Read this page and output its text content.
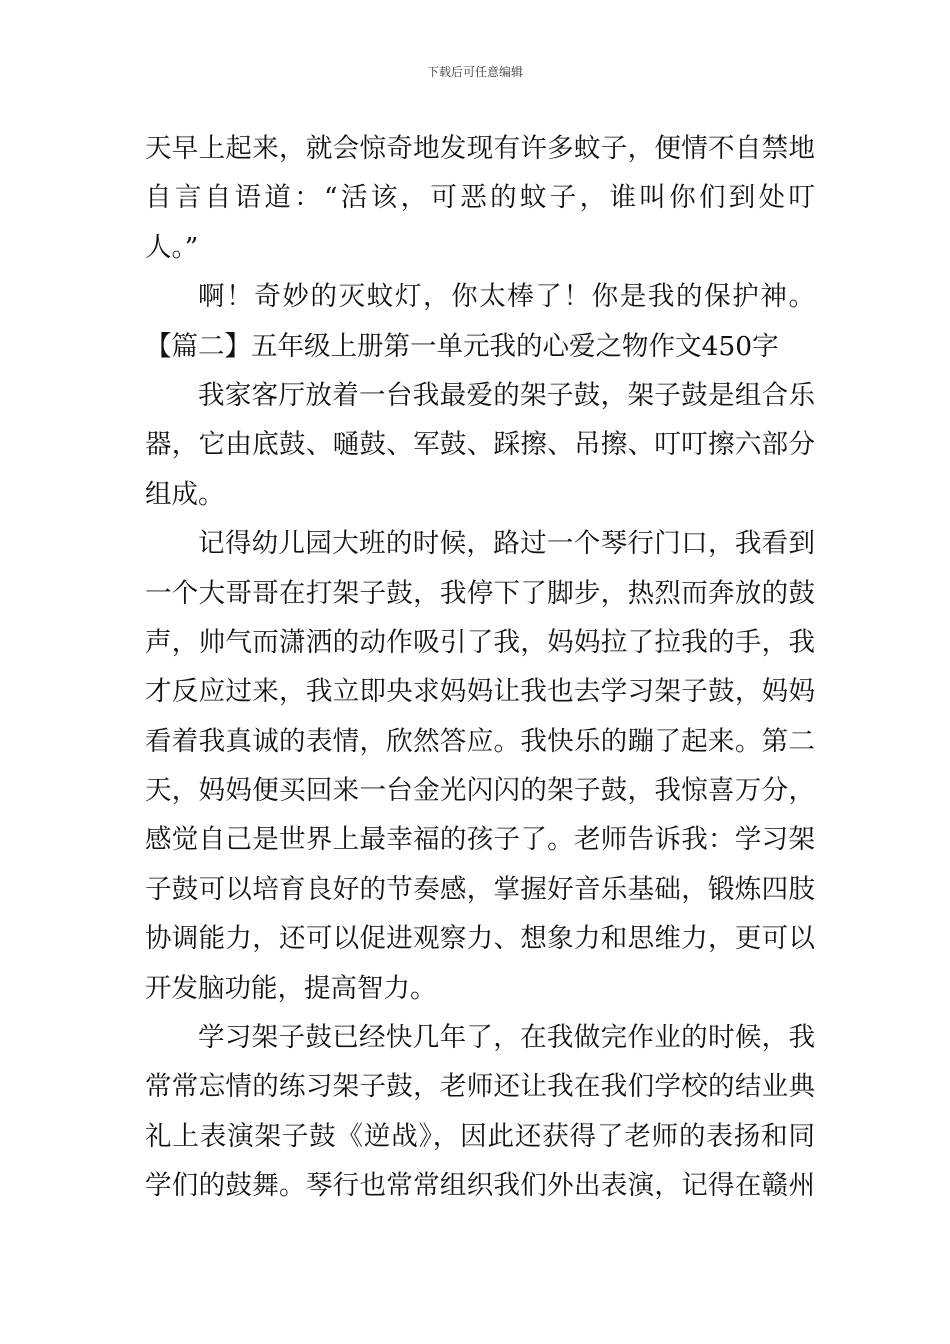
下载后可任意编辑
天早上起来，就会惊奇地发现有许多蚊子，便情不自禁地
自言自语道：“活该，可恶的蚊子，谁叫你们到处叮
人。”
啊！奇妙的灭蚊灯，你太棒了！你是我的保护神。
【篇二】五年级上册第一单元我的心爱之物作文450字
我家客厅放着一台我最爱的架子鼓，架子鼓是组合乐
器，它由底鼓、嗵鼓、军鼓、踩擦、吊擦、叮叮擦六部分
组成。
记得幼儿园大班的时候，路过一个琴行门口，我看到
一个大哥哥在打架子鼓，我停下了脚步，热烈而奔放的鼓
声，帅气而潇洒的动作吸引了我，妈妈拉了拉我的手，我
才反应过来，我立即央求妈妈让我也去学习架子鼓，妈妈
看着我真诚的表情，欣然答应。我快乐的蹦了起来。第二
天，妈妈便买回来一台金光闪闪的架子鼓，我惊喜万分，
感觉自己是世界上最幸福的孩子了。老师告诉我：学习架
子鼓可以培育良好的节奏感，掌握好音乐基础，锻炼四肢
协调能力，还可以促进观察力、想象力和思维力，更可以
开发脑功能，提高智力。
学习架子鼓已经快几年了，在我做完作业的时候，我
常常忘情的练习架子鼓，老师还让我在我们学校的结业典
礼上表演架子鼓《逆战》，因此还获得了老师的表扬和同
学们的鼓舞。琴行也常常组织我们外出表演，记得在赣州
